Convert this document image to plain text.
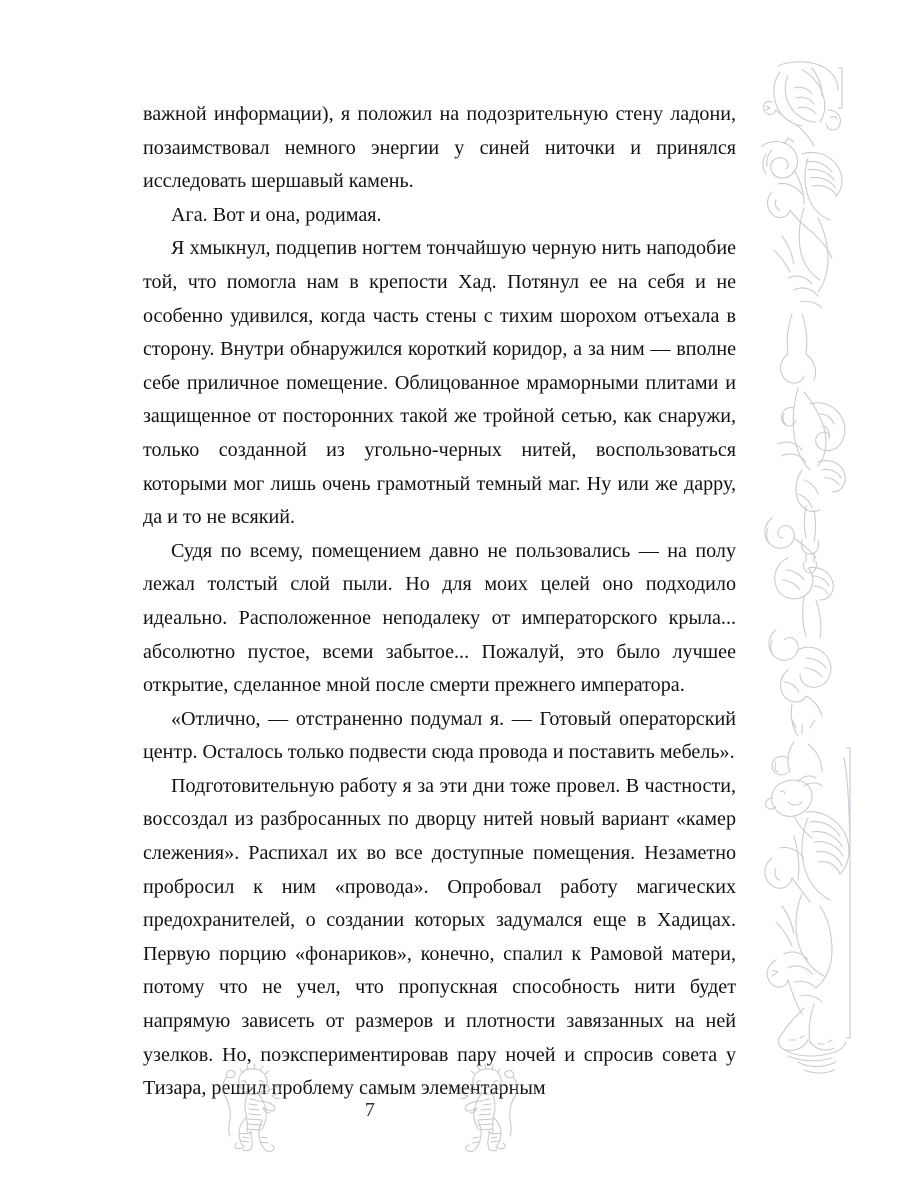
важной информации), я положил на подозрительную стену ладони, позаимствовал немного энергии у синей ниточки и принялся исследовать шершавый камень.

Ага. Вот и она, родимая.

Я хмыкнул, подцепив ногтем тончайшую черную нить наподобие той, что помогла нам в крепости Хад. Потянул ее на себя и не особенно удивился, когда часть стены с тихим шорохом отъехала в сторону. Внутри обнаружился короткий коридор, а за ним — вполне себе приличное помещение. Облицованное мраморными плитами и защищенное от посторонних такой же тройной сетью, как снаружи, только созданной из угольно-черных нитей, воспользоваться которыми мог лишь очень грамотный темный маг. Ну или же дарру, да и то не всякий.

Судя по всему, помещением давно не пользовались — на полу лежал толстый слой пыли. Но для моих целей оно подходило идеально. Расположенное неподалеку от императорского крыла... абсолютно пустое, всеми забытое... Пожалуй, это было лучшее открытие, сделанное мной после смерти прежнего императора.

«Отлично, — отстраненно подумал я. — Готовый операторский центр. Осталось только подвести сюда провода и поставить мебель».

Подготовительную работу я за эти дни тоже провел. В частности, воссоздал из разбросанных по дворцу нитей новый вариант «камер слежения». Распихал их во все доступные помещения. Незаметно пробросил к ним «провода». Опробовал работу магических предохранителей, о создании которых задумался еще в Хадицах. Первую порцию «фонариков», конечно, спалил к Рамовой матери, потому что не учел, что пропускная способность нити будет напрямую зависеть от размеров и плотности завязанных на ней узелков. Но, поэкспериментировав пару ночей и спросив совета у Тизара, решил проблему самым элементарным

7
